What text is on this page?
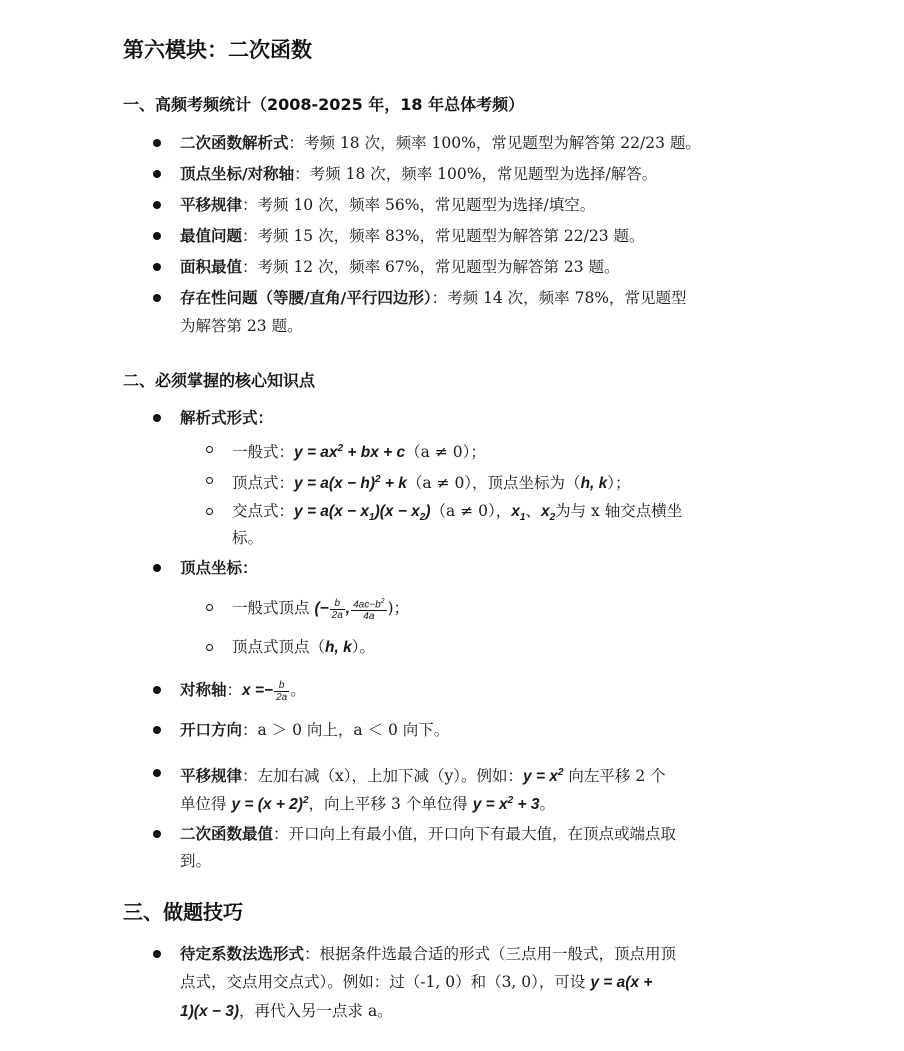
第六模块：二次函数
一、高频考频统计（2008-2025 年，18 年总体考频）
二次函数解析式：考频 18 次，频率 100%，常见题型为解答第 22/23 题。
顶点坐标/对称轴：考频 18 次，频率 100%，常见题型为选择/解答。
平移规律：考频 10 次，频率 56%，常见题型为选择/填空。
最值问题：考频 15 次，频率 83%，常见题型为解答第 22/23 题。
面积最值：考频 12 次，频率 67%，常见题型为解答第 23 题。
存在性问题（等腰/直角/平行四边形）：考频 14 次，频率 78%，常见题型
为解答第 23 题。
二、必须掌握的核心知识点
解析式形式：
一般式：$y = ax^2$ + bx + c（a ≠ 0）；
顶点式：$y = a(x - h)^2 + k(a \ne 0)$，顶点坐标为（h, k）；
交点式：$y = a(x - x_1)(x - x_2)(a \ne 0)$，$x_1$、$x_2$为与 x 轴交点横坐
标。
顶点坐标：
一般式顶点 (− $\frac{b}{2a}$ , $\frac{4ac-b^2}{4a}$ )；
顶点式顶点（h, k）。
对称轴：$x =- \frac{b}{2a}$ 。
开口方向：a ＞ 0 向上，a ＜ 0 向下。
平移规律：左加右减（x），上加下减（y）。例如：$y = x^2$ 向左平移 2 个
单位得 $y = (x + 2)^2$，向上平移 3 个单位得 $y = x^2 + 3$。
二次函数最值：开口向上有最小值，开口向下有最大值，在顶点或端点取
到。
三、做题技巧
待定系数法选形式：根据条件选最合适的形式（三点用一般式，顶点用顶
点式，交点用交点式）。例如：过（-1, 0）和（3, 0），可设 y = a(x +
1)(x − 3)，再代入另一点求 a。
